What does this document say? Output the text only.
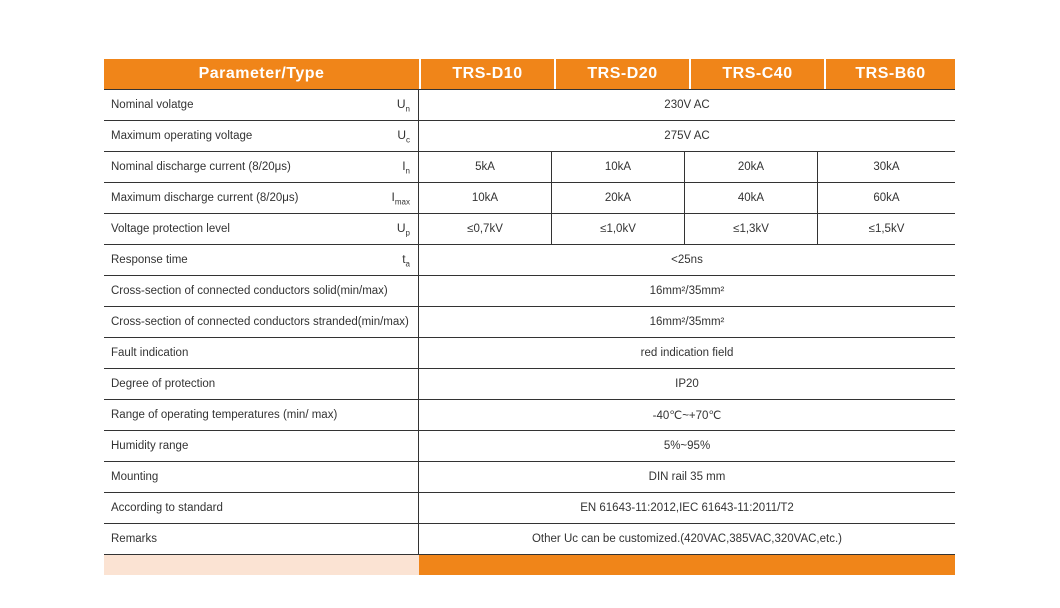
Parameter/Type	TRS-D10	TRS-D20	TRS-C40	TRS-B60
Nominal volatge	$U_n$	230V AC
Maximum operating voltage	$U_c$	275V AC
Nominal discharge current (8/20μs)	$I_n$	5kA	10kA	20kA	30kA
Maximum discharge current (8/20μs)	$I_{max}$	10kA	20kA	40kA	60kA
Voltage protection level	$U_p$	≤0,7kV	≤1,0kV	≤1,3kV	≤1,5kV
Response time	$t_a$	<25ns
Cross-section of connected conductors solid(min/max)	16mm²/35mm²
Cross-section of connected conductors stranded(min/max)	16mm²/35mm²
Fault indication	red indication field
Degree of protection	IP20
Range of operating temperatures (min/ max)	-40℃~+70℃
Humidity range	5%~95%
Mounting	DIN rail 35 mm
According to standard	EN 61643-11:2012,IEC 61643-11:2011/T2
Remarks	Other Uc can be customized.(420VAC,385VAC,320VAC,etc.)
